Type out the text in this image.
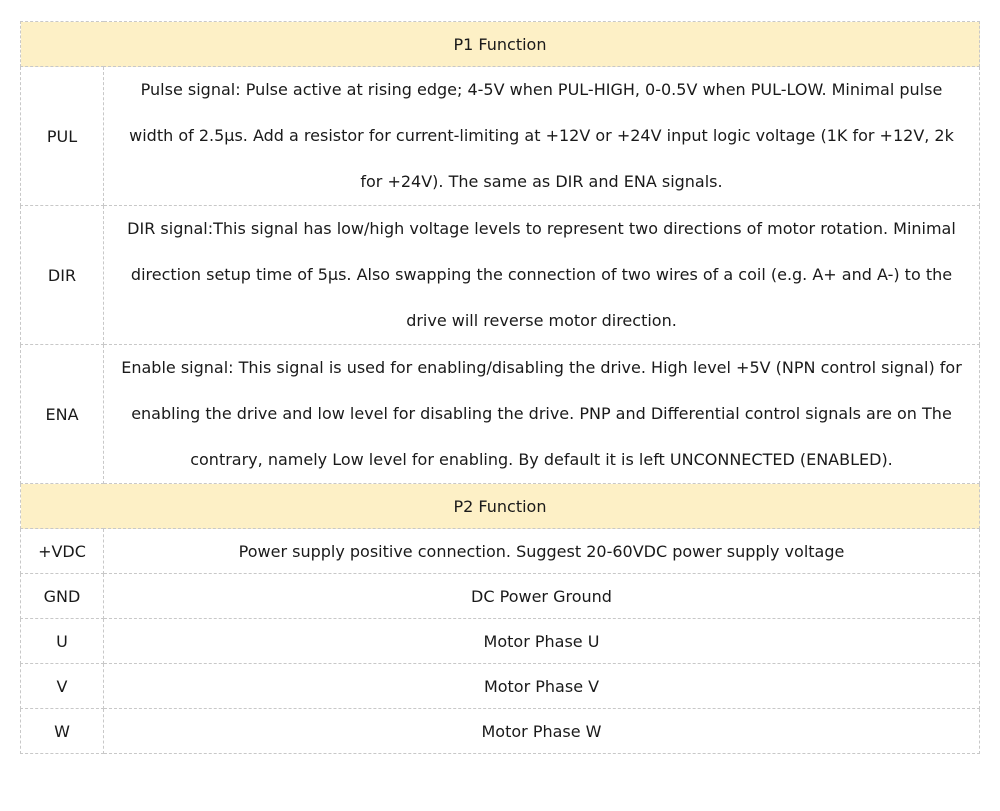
P1 Function	
PUL	Pulse signal: Pulse active at rising edge; 4-5V when PUL-HIGH, 0-0.5V when PUL-LOW. Minimal pulse width of 2.5μs. Add a resistor for current-limiting at +12V or +24V input logic voltage (1K for +12V, 2k for +24V). The same as DIR and ENA signals.
DIR	DIR signal:This signal has low/high voltage levels to represent two directions of motor rotation. Minimal direction setup time of 5μs. Also swapping the connection of two wires of a coil (e.g. A+ and A-) to the drive will reverse motor direction.
ENA	Enable signal: This signal is used for enabling/disabling the drive. High level +5V (NPN control signal) for enabling the drive and low level for disabling the drive. PNP and Differential control signals are on The contrary, namely Low level for enabling. By default it is left UNCONNECTED (ENABLED).
P2 Function	
+VDC	Power supply positive connection. Suggest 20-60VDC power supply voltage
GND	DC Power Ground
U	Motor Phase U
V	Motor Phase V
W	Motor Phase W
